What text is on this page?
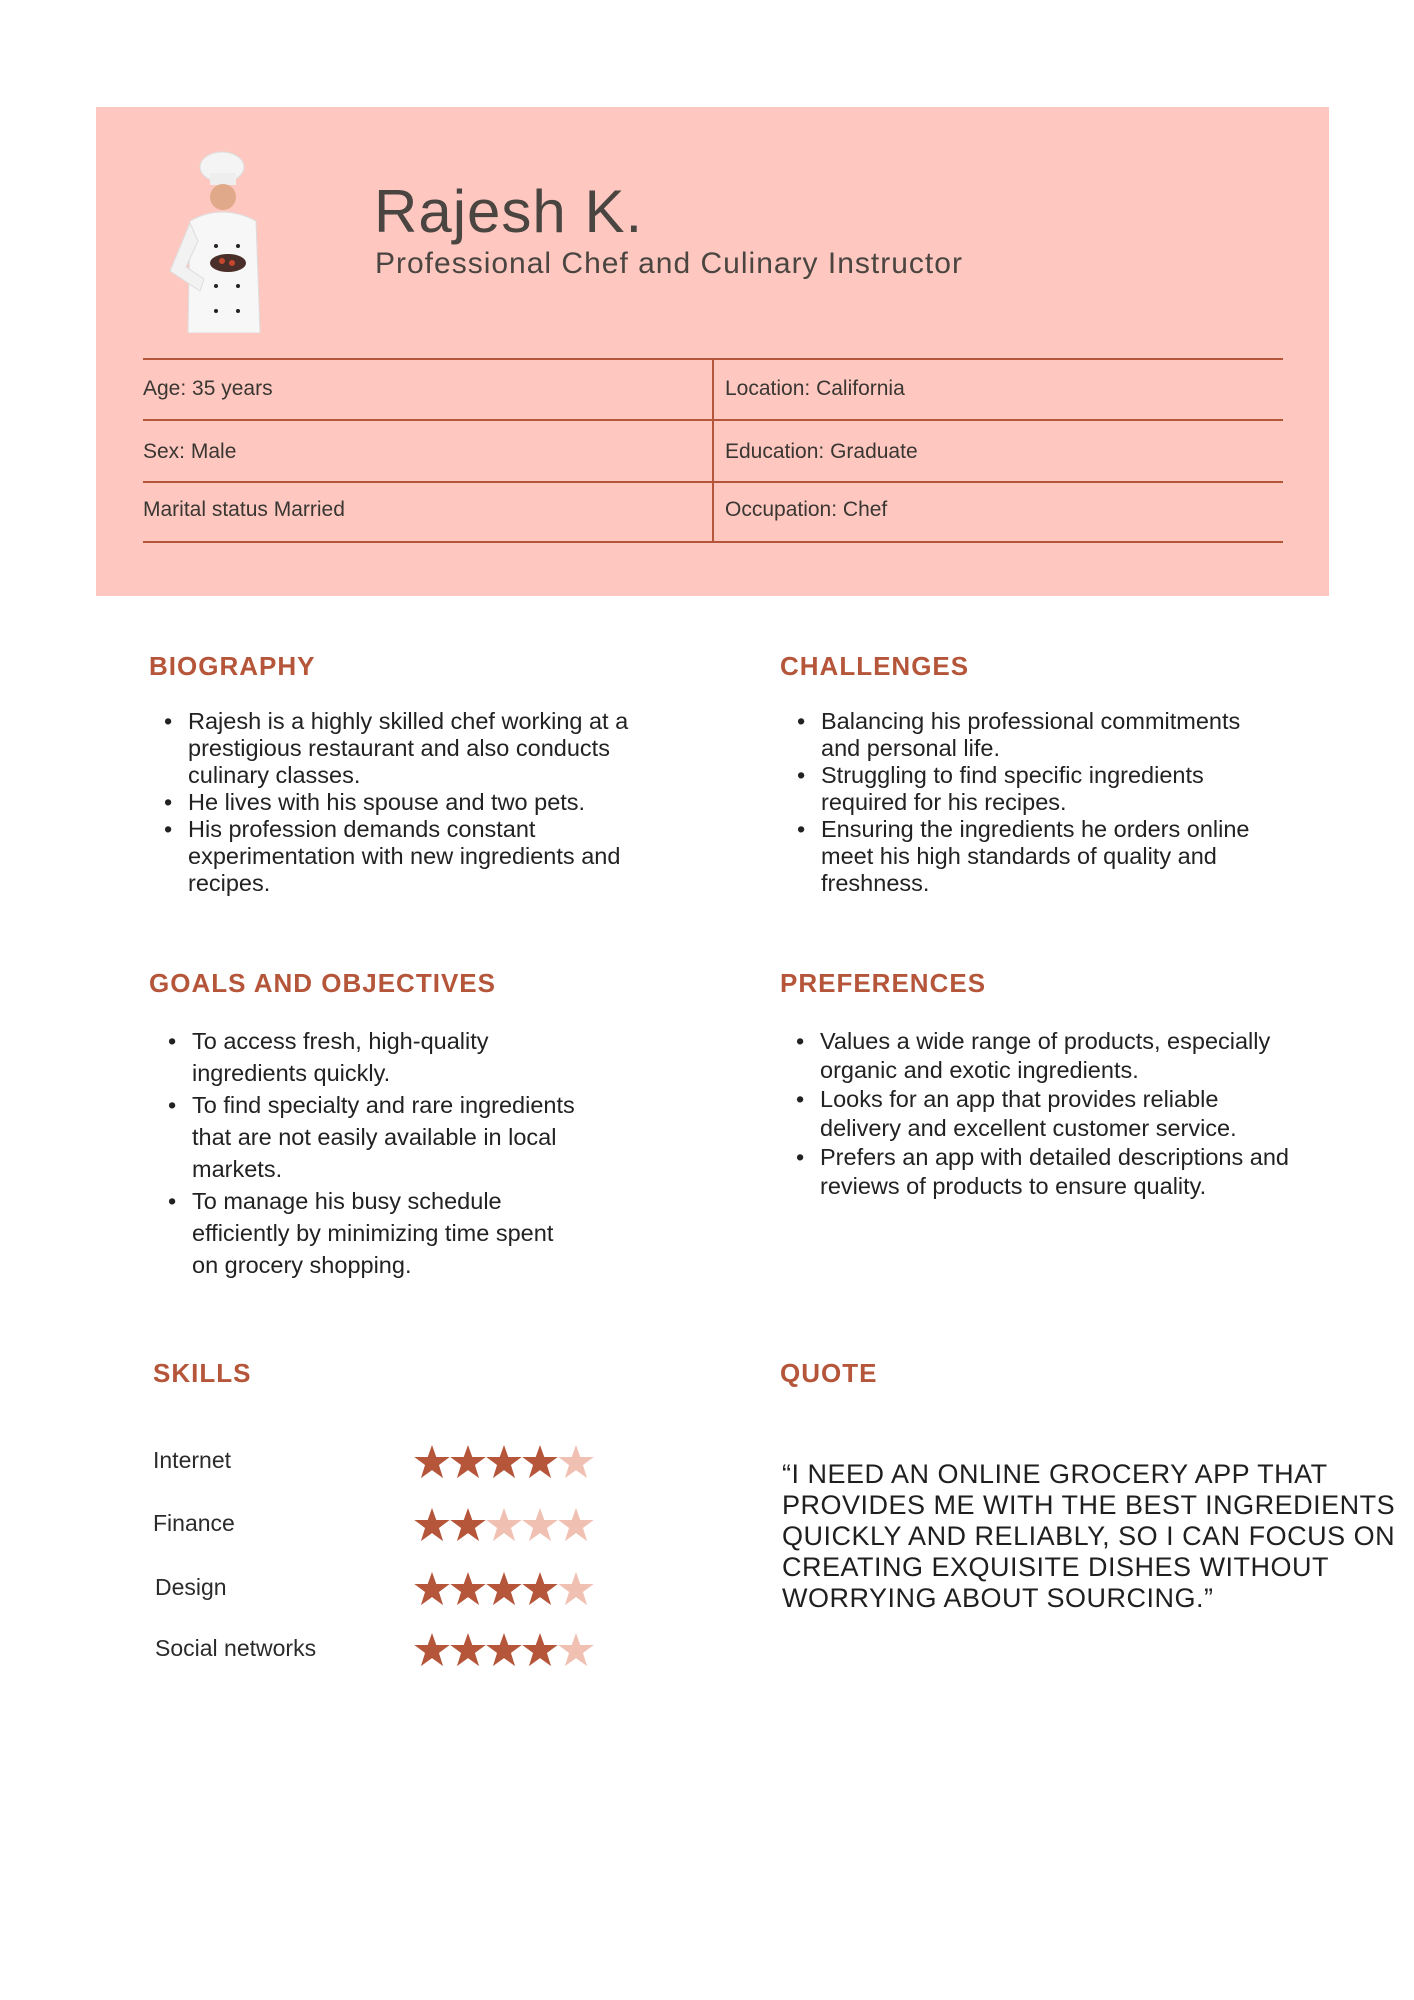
Rajesh K.
Professional Chef and Culinary Instructor
Age: 35 years	Location: California
Sex: Male	Education: Graduate
Marital status Married	Occupation: Chef
BIOGRAPHY
• Rajesh is a highly skilled chef working at a prestigious restaurant and also conducts culinary classes.
• He lives with his spouse and two pets.
• His profession demands constant experimentation with new ingredients and recipes.
CHALLENGES
• Balancing his professional commitments and personal life.
• Struggling to find specific ingredients required for his recipes.
• Ensuring the ingredients he orders online meet his high standards of quality and freshness.
GOALS AND OBJECTIVES
• To access fresh, high-quality ingredients quickly.
• To find specialty and rare ingredients that are not easily available in local markets.
• To manage his busy schedule efficiently by minimizing time spent on grocery shopping.
PREFERENCES
• Values a wide range of products, especially organic and exotic ingredients.
• Looks for an app that provides reliable delivery and excellent customer service.
• Prefers an app with detailed descriptions and reviews of products to ensure quality.
SKILLS
Internet
Finance
Design
Social networks
QUOTE
“I NEED AN ONLINE GROCERY APP THAT PROVIDES ME WITH THE BEST INGREDIENTS QUICKLY AND RELIABLY, SO I CAN FOCUS ON CREATING EXQUISITE DISHES WITHOUT WORRYING ABOUT SOURCING.”
